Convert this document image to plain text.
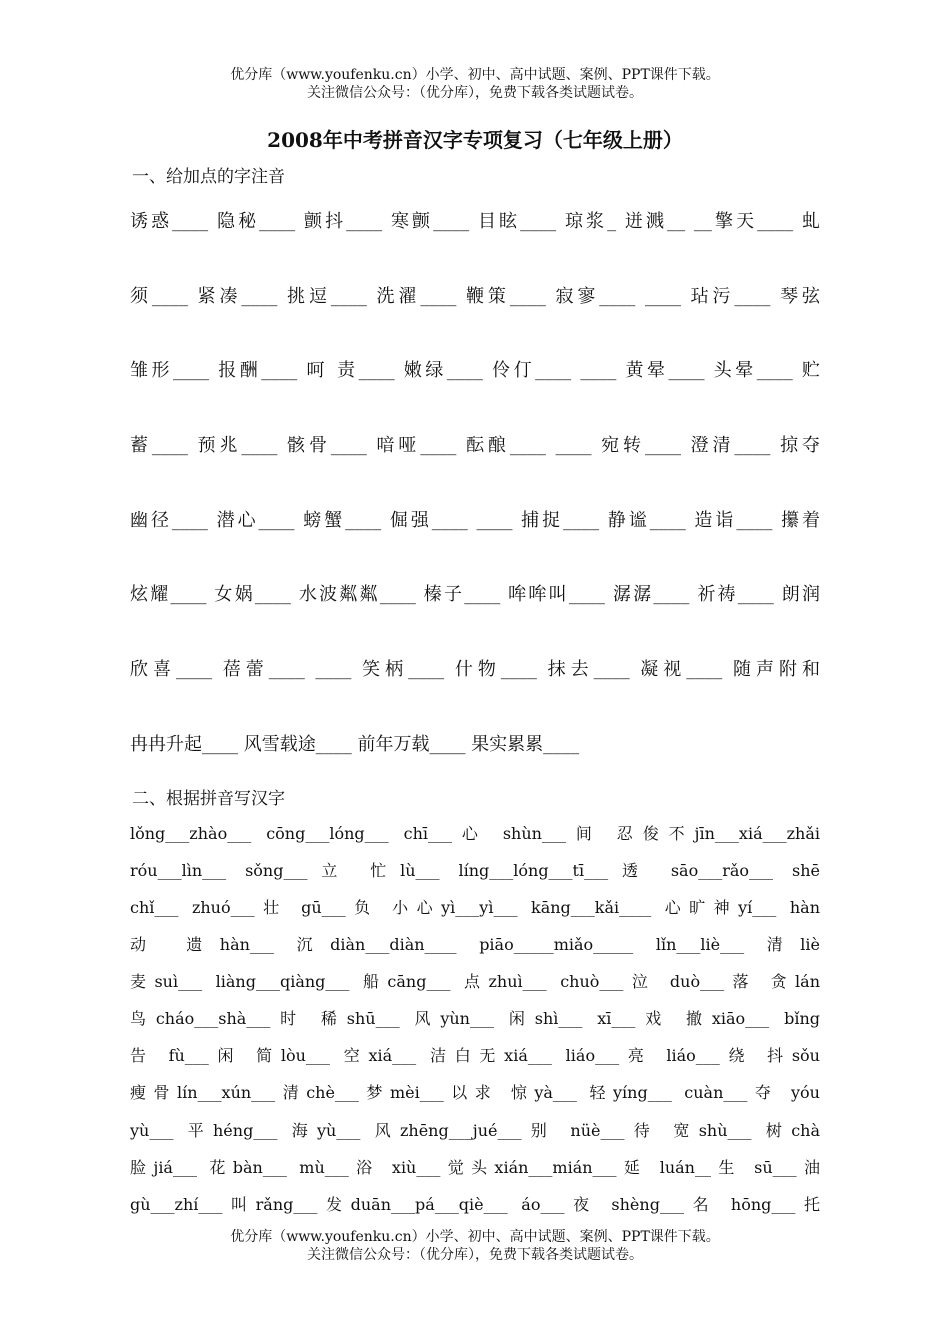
优分库（www.youfenku.cn）小学、初中、高中试题、案例、PPT课件下载。
关注微信公众号：（优分库），免费下载各类试题试卷。
2008年中考拼音汉字专项复习（七年级上册）
一、给加点的字注音
诱惑____ 隐秘____ 颤抖____ 寒颤____ 目眩____ 琼浆_ 迸溅__ __擎天____ 虬
须____ 紧凑____ 挑逗____ 洗濯____ 鞭策____ 寂寥____ ____ 玷污____ 琴弦
雏形____ 报酬____ 呵 责____ 嫩绿____ 伶仃____ ____ 黄晕____ 头晕____ 贮
蓄____ 预兆____ 骸骨____ 喑哑____ 酝酿____ ____ 宛转____ 澄清____ 掠夺
幽径____ 潜心____ 螃蟹____ 倔强____ ____ 捕捉____ 静谧____ 造诣____ 攥着
炫耀____ 女娲____ 水波粼粼____ 榛子____ 哞哞叫____ 潺潺____ 祈祷____ 朗润
欣喜____ 蓓蕾____ ____ 笑柄____ 什物____ 抹去____ 凝视____ 随声附和
冉冉升起____ 风雪载途____ 前年万载____ 果实累累____
二、根据拼音写汉字
lǒng___zhào___ cōng___lóng___ chī___心 shùn___间 忍俊不jīn___xiá___zhǎi
róu___lìn___ sǒng___立 忙lù___ líng___lóng___tī___透 sāo___rǎo___ shē
chǐ___ zhuó___壮 gū___负 小心yì___yì___ kāng___kǎi____ 心旷神yí___ hàn
动 遗hàn___ 沉diàn___diàn____ piāo_____miǎo_____ lǐn___liè___ 清liè
麦suì___ liàng___qiàng___ 船cāng___ 点zhuì___ chuò___泣 duò___落 贪lán
鸟cháo___shà___时 稀shū___ 风yùn___ 闲shì___ xī___戏 撤xiāo___ bǐng
告 fù___闲 简lòu___ 空xiá___ 洁白无xiá___ liáo___亮 liáo___绕 抖sǒu
瘦骨lín___xún___清chè___梦mèi___以求 惊yà___ 轻yíng___ cuàn___夺 yóu
yù___ 平héng___ 海yù___ 风zhēng___jué___别 nüè___待 宽shù___ 树chà
脸jiá___ 花bàn___ mù___浴 xiù___觉头xián___mián___延 luán__生 sū___油
gù___zhí___叫rǎng___发duān___pá___qiè___ áo___夜 shèng___名 hōng___托
优分库（www.youfenku.cn）小学、初中、高中试题、案例、PPT课件下载。
关注微信公众号：（优分库），免费下载各类试题试卷。
